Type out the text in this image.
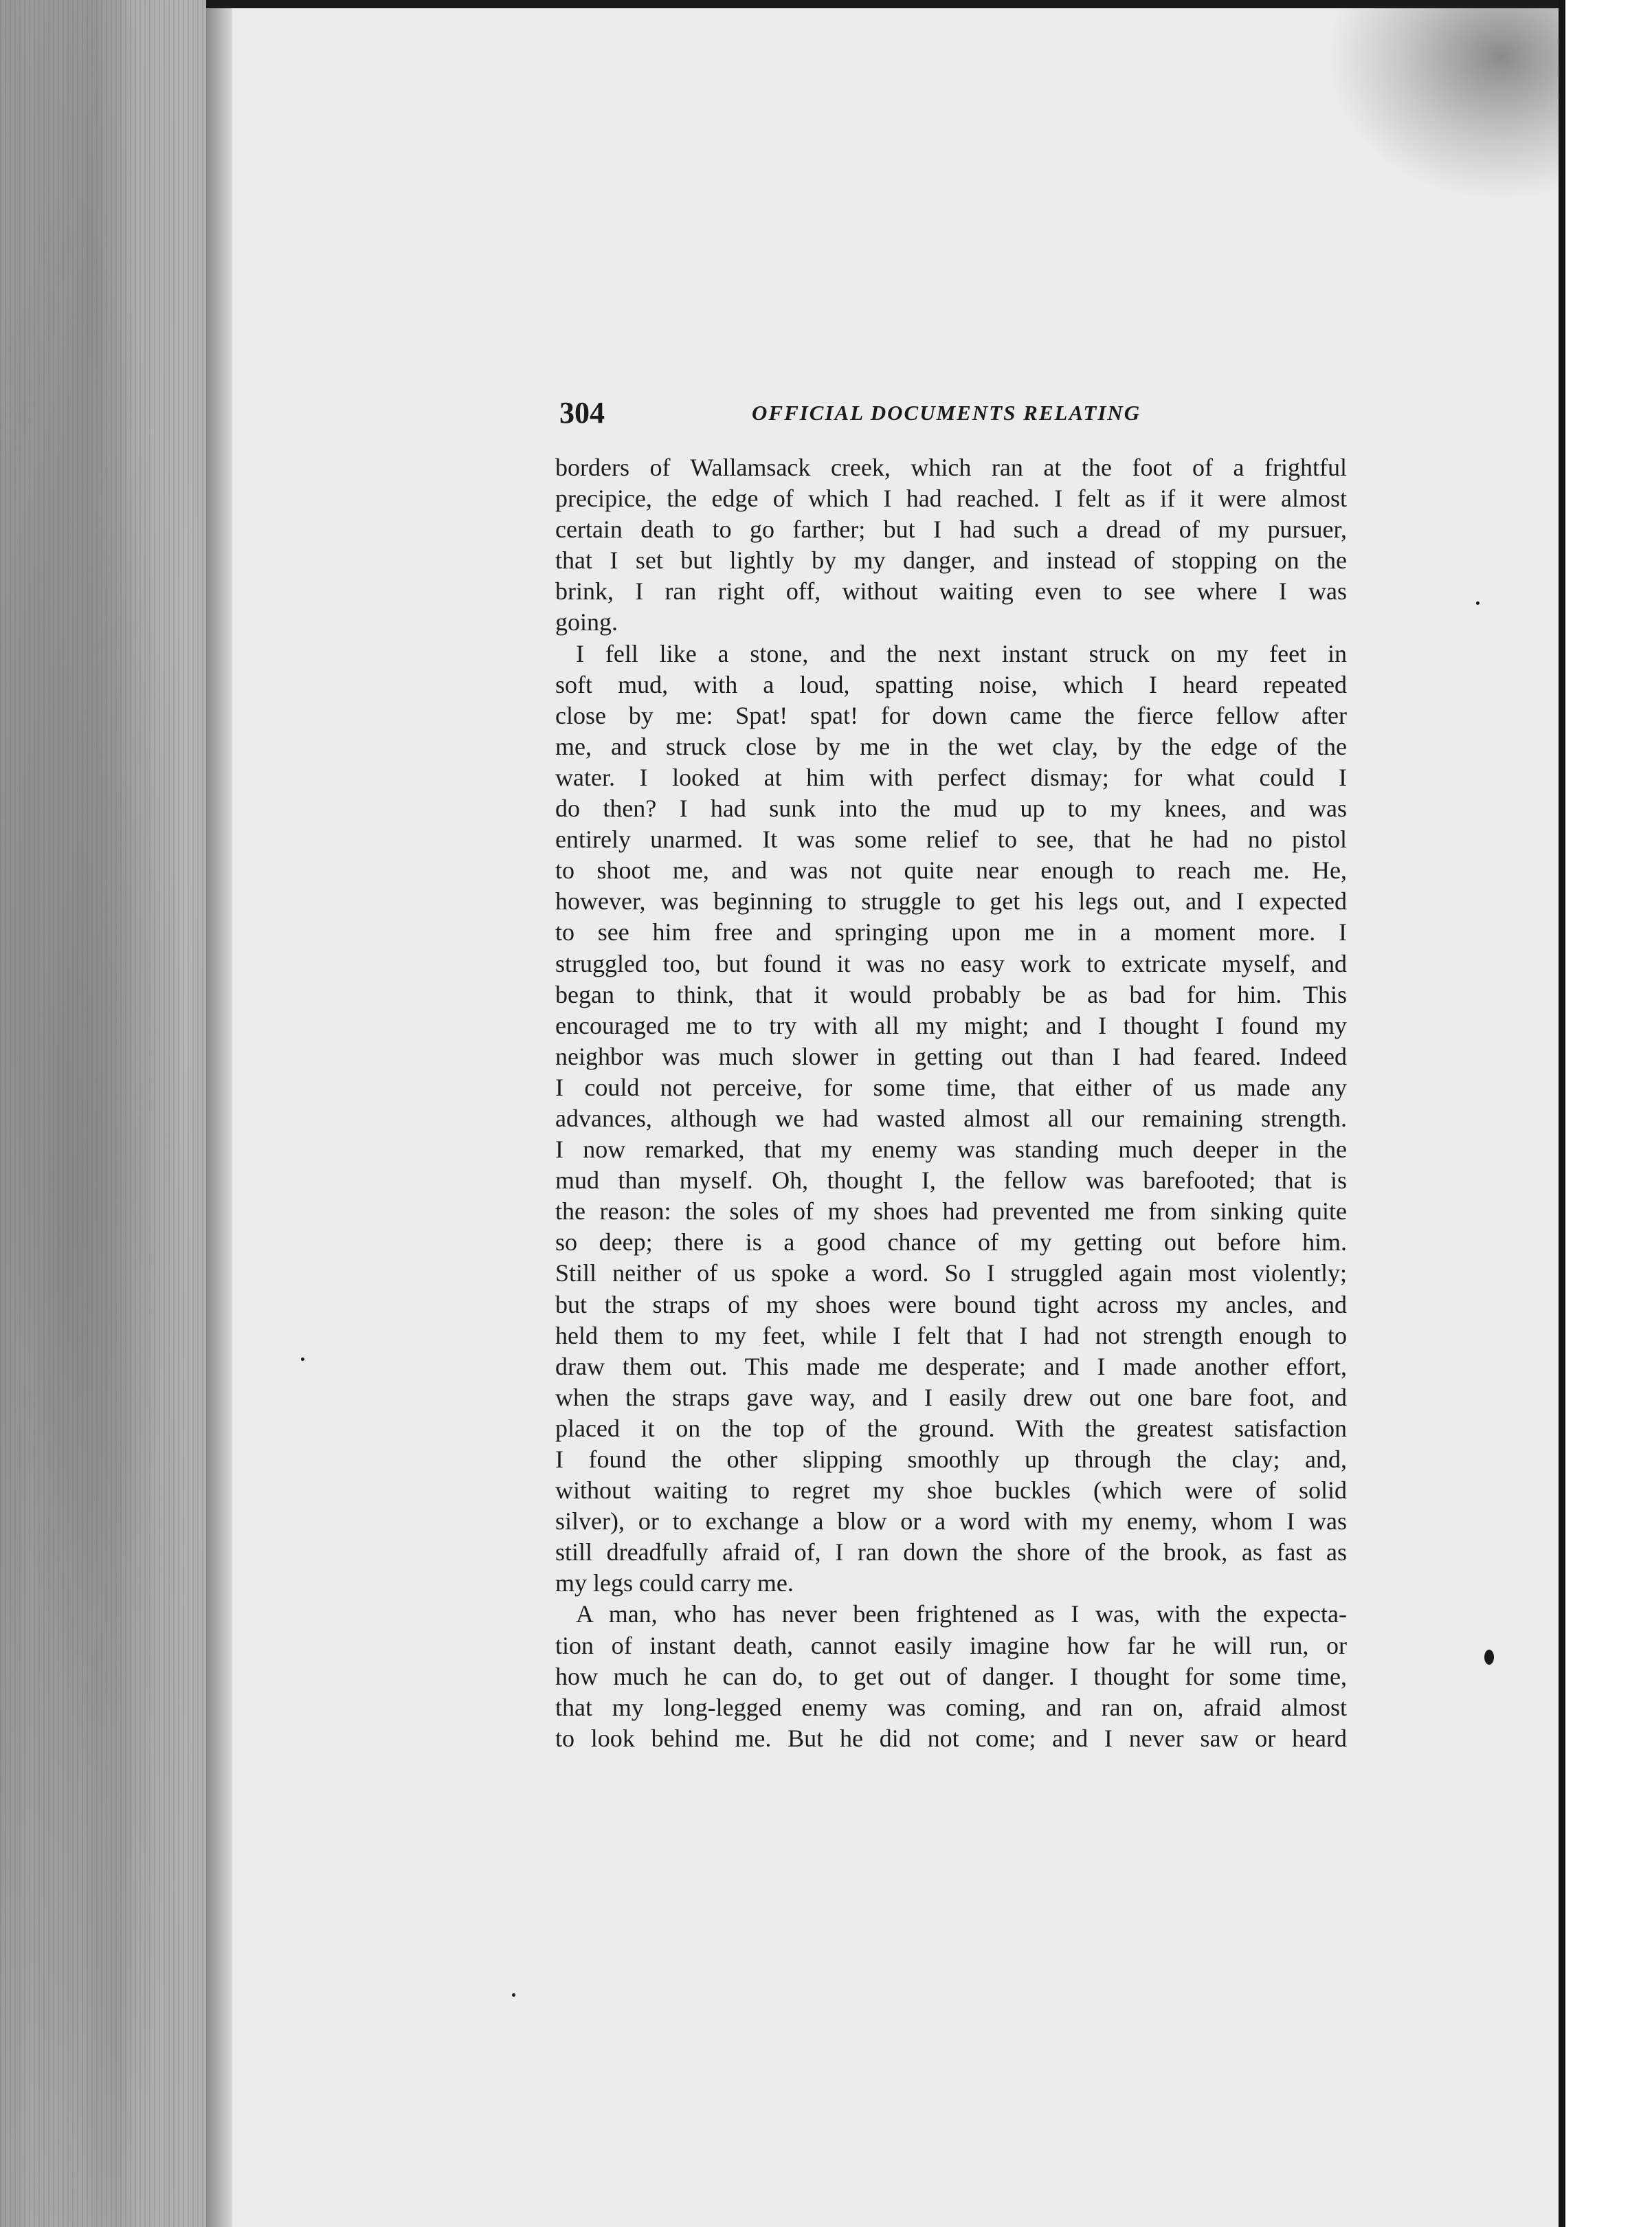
304	OFFICIAL DOCUMENTS RELATING
borders of Wallamsack creek, which ran at the foot of a frightful
precipice, the edge of which I had reached. I felt as if it were almost
certain death to go farther; but I had such a dread of my pursuer,
that I set but lightly by my danger, and instead of stopping on the
brink, I ran right off, without waiting even to see where I was
going.
I fell like a stone, and the next instant struck on my feet in
soft mud, with a loud, spatting noise, which I heard repeated
close by me: Spat! spat! for down came the fierce fellow after
me, and struck close by me in the wet clay, by the edge of the
water. I looked at him with perfect dismay; for what could I
do then? I had sunk into the mud up to my knees, and was
entirely unarmed. It was some relief to see, that he had no pistol
to shoot me, and was not quite near enough to reach me. He,
however, was beginning to struggle to get his legs out, and I expected
to see him free and springing upon me in a moment more. I
struggled too, but found it was no easy work to extricate myself, and
began to think, that it would probably be as bad for him. This
encouraged me to try with all my might; and I thought I found my
neighbor was much slower in getting out than I had feared. Indeed
I could not perceive, for some time, that either of us made any
advances, although we had wasted almost all our remaining strength.
I now remarked, that my enemy was standing much deeper in the
mud than myself. Oh, thought I, the fellow was barefooted; that is
the reason: the soles of my shoes had prevented me from sinking quite
so deep; there is a good chance of my getting out before him.
Still neither of us spoke a word. So I struggled again most violently;
but the straps of my shoes were bound tight across my ancles, and
held them to my feet, while I felt that I had not strength enough to
draw them out. This made me desperate; and I made another effort,
when the straps gave way, and I easily drew out one bare foot, and
placed it on the top of the ground. With the greatest satisfaction
I found the other slipping smoothly up through the clay; and,
without waiting to regret my shoe buckles (which were of solid
silver), or to exchange a blow or a word with my enemy, whom I was
still dreadfully afraid of, I ran down the shore of the brook, as fast as
my legs could carry me.
A man, who has never been frightened as I was, with the expecta-
tion of instant death, cannot easily imagine how far he will run, or
how much he can do, to get out of danger. I thought for some time,
that my long-legged enemy was coming, and ran on, afraid almost
to look behind me. But he did not come; and I never saw or heard
